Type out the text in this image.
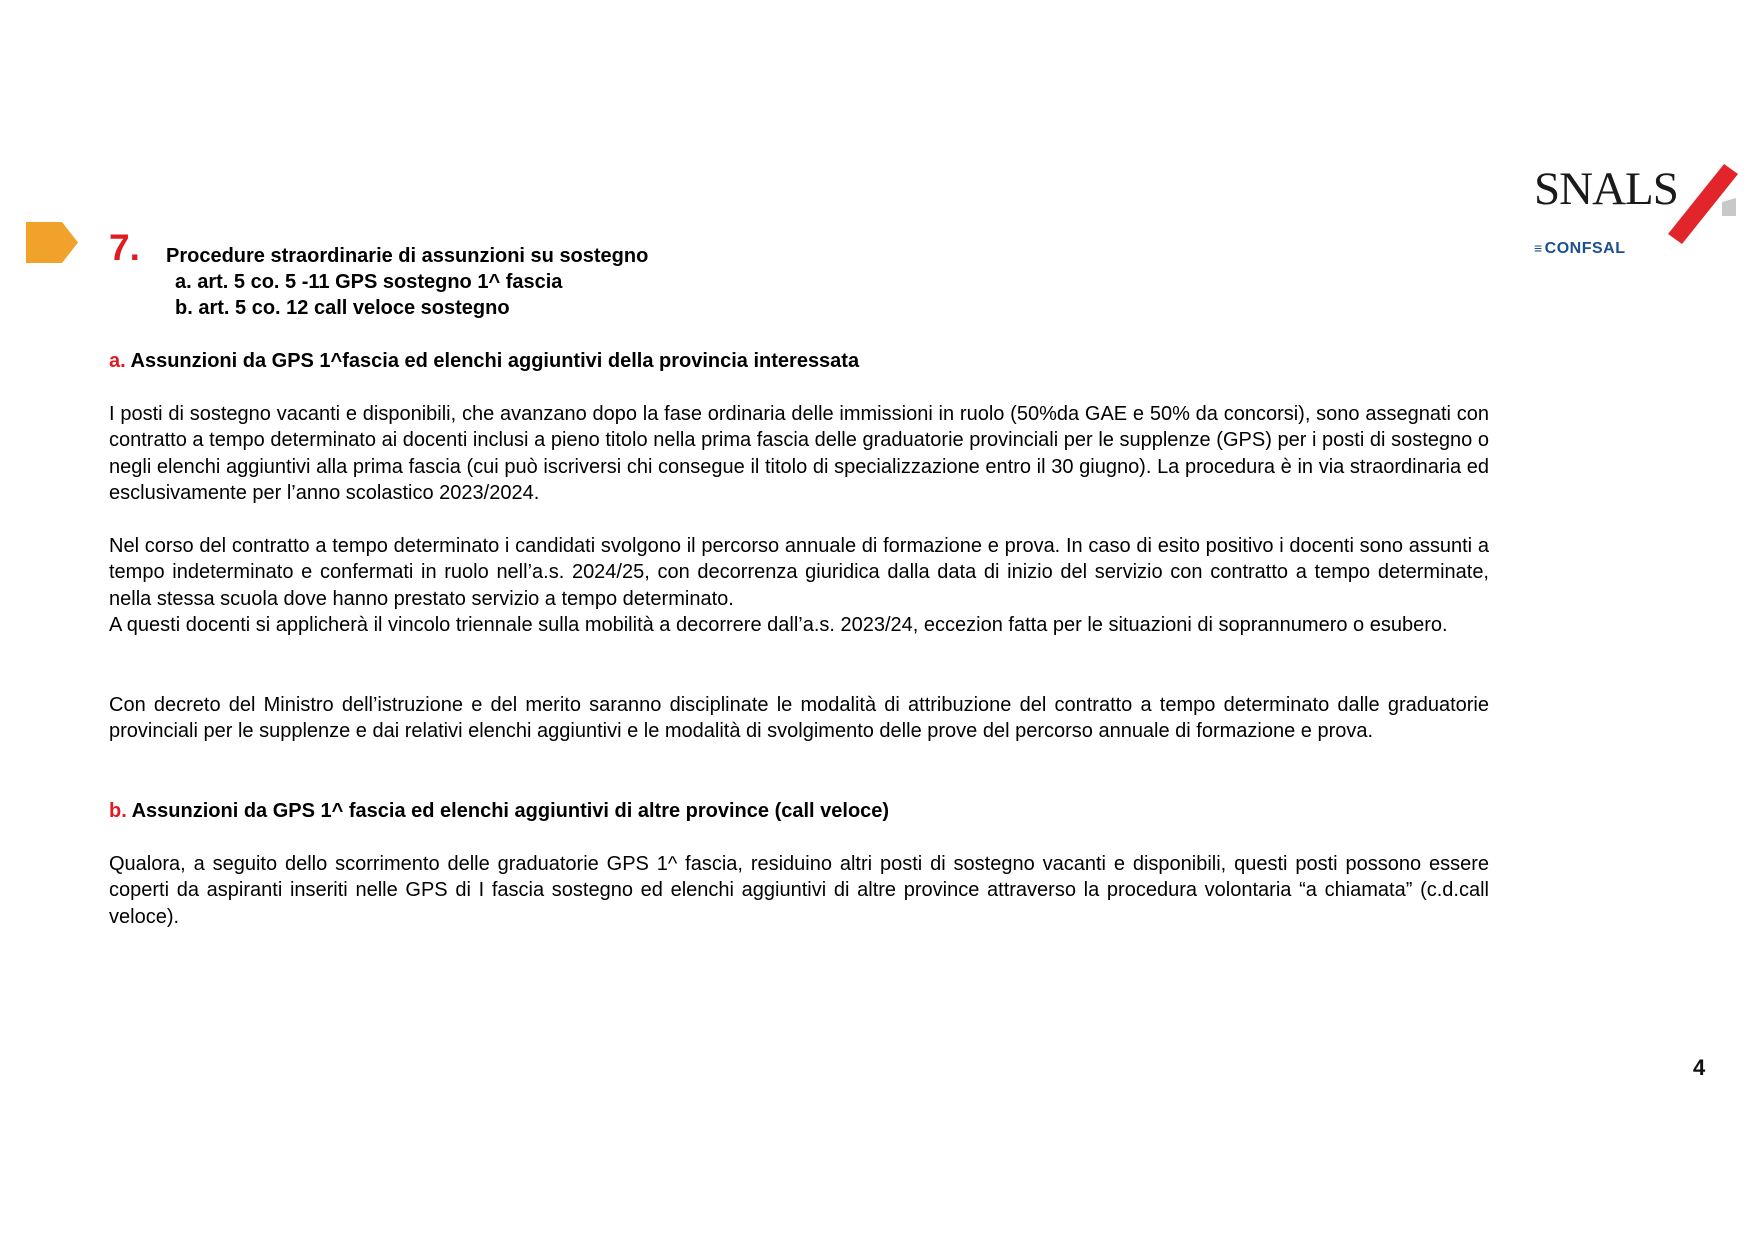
SNALS
≡ CONFSAL
7. Procedure straordinarie di assunzioni su sostegno
a. art. 5 co. 5 -11 GPS sostegno 1^ fascia
b. art. 5 co. 12 call veloce sostegno
a. Assunzioni da GPS 1^fascia ed elenchi aggiuntivi della provincia interessata

I posti di sostegno vacanti e disponibili, che avanzano dopo la fase ordinaria delle immissioni in ruolo (50%da GAE e 50% da concorsi), sono assegnati con contratto a tempo determinato ai docenti inclusi a pieno titolo nella prima fascia delle graduatorie provinciali per le supplenze (GPS) per i posti di sostegno o negli elenchi aggiuntivi alla prima fascia (cui può iscriversi chi consegue il titolo di specializzazione entro il 30 giugno). La procedura è in via straordinaria ed esclusivamente per l’anno scolastico 2023/2024.

Nel corso del contratto a tempo determinato i candidati svolgono il percorso annuale di formazione e prova. In caso di esito positivo i docenti sono assunti a tempo indeterminato e confermati in ruolo nell’a.s. 2024/25, con decorrenza giuridica dalla data di inizio del servizio con contratto a tempo determinate, nella stessa scuola dove hanno prestato servizio a tempo determinato.

A questi docenti si applicherà il vincolo triennale sulla mobilità a decorrere dall’a.s. 2023/24, eccezion fatta per le situazioni di soprannumero o esubero.

Con decreto del Ministro dell’istruzione e del merito saranno disciplinate le modalità di attribuzione del contratto a tempo determinato dalle graduatorie provinciali per le supplenze e dai relativi elenchi aggiuntivi e le modalità di svolgimento delle prove del percorso annuale di formazione e prova.

b. Assunzioni da GPS 1^ fascia ed elenchi aggiuntivi di altre province (call veloce)

Qualora, a seguito dello scorrimento delle graduatorie GPS 1^ fascia, residuino altri posti di sostegno vacanti e disponibili, questi posti possono essere coperti da aspiranti inseriti nelle GPS di I fascia sostegno ed elenchi aggiuntivi di altre province attraverso la procedura volontaria “a chiamata” (c.d.call veloce).

4
